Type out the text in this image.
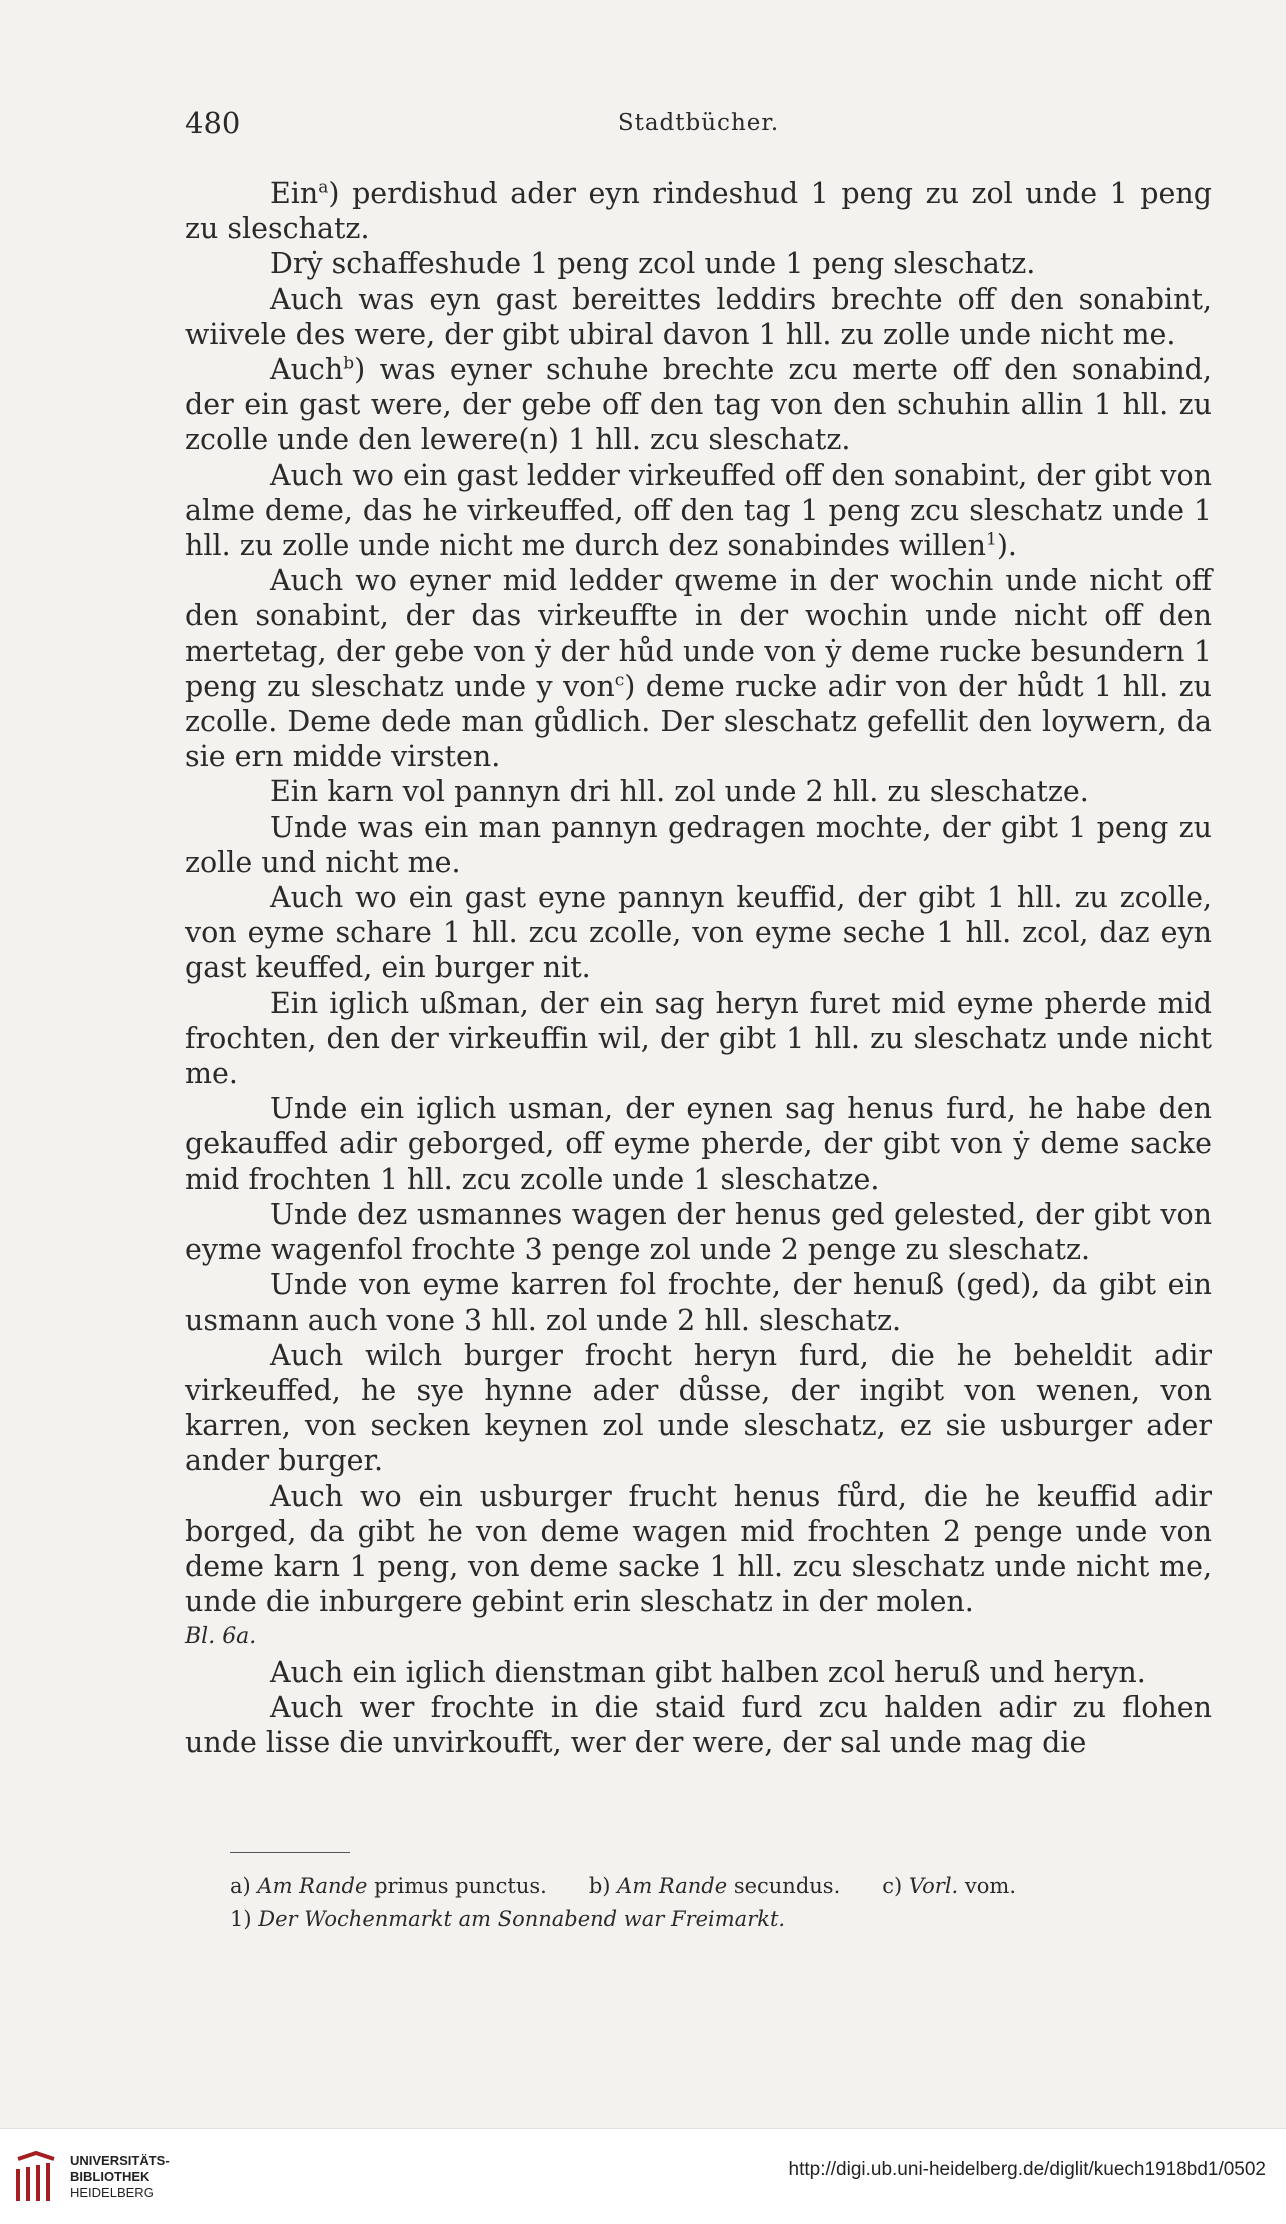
480	Stadtbücher.

Ein$^a$) perdishud ader eyn rindeshud 1 peng zu zol unde 1 peng zu sleschatz.

Drẏ schaffeshude 1 peng zcol unde 1 peng sleschatz.

Auch was eyn gast bereittes leddirs brechte off den sonabint, wiivele des were, der gibt ubiral davon 1 hll. zu zolle unde nicht me.

Auch$^b$) was eyner schuhe brechte zcu merte off den sonabind, der ein gast were, der gebe off den tag von den schuhin allin 1 hll. zu zcolle unde den lewere(n) 1 hll. zcu sleschatz.

Auch wo ein gast ledder virkeuffed off den sonabint, der gibt von alme deme, das he virkeuffed, off den tag 1 peng zcu sleschatz unde 1 hll. zu zolle unde nicht me durch dez sonabindes willen$^1$).

Auch wo eyner mid ledder qweme in der wochin unde nicht off den sonabint, der das virkeuffte in der wochin unde nicht off den mertetag, der gebe von ẏ der hůd unde von ẏ deme rucke besundern 1 peng zu sleschatz unde y von$^c$) deme rucke adir von der hůdt 1 hll. zu zcolle. Deme dede man gůdlich. Der sleschatz gefellit den loywern, da sie ern midde virsten.

Ein karn vol pannyn dri hll. zol unde 2 hll. zu sleschatze.

Unde was ein man pannyn gedragen mochte, der gibt 1 peng zu zolle und nicht me.

Auch wo ein gast eyne pannyn keuffid, der gibt 1 hll. zu zcolle, von eyme schare 1 hll. zcu zcolle, von eyme seche 1 hll. zcol, daz eyn gast keuffed, ein burger nit.

Ein iglich ußman, der ein sag heryn furet mid eyme pherde mid frochten, den der virkeuffin wil, der gibt 1 hll. zu sleschatz unde nicht me.

Unde ein iglich usman, der eynen sag henus furd, he habe den gekauffed adir geborged, off eyme pherde, der gibt von ẏ deme sacke mid frochten 1 hll. zcu zcolle unde 1 sleschatze.

Unde dez usmannes wagen der henus ged gelested, der gibt von eyme wagenfol frochte 3 penge zol unde 2 penge zu sleschatz.

Unde von eyme karren fol frochte, der henuß (ged), da gibt ein usmann auch vone 3 hll. zol unde 2 hll. sleschatz.

Auch wilch burger frocht heryn furd, die he beheldit adir virkeuffed, he sye hynne ader důsse, der ingibt von wenen, von karren, von secken keynen zol unde sleschatz, ez sie usburger ader ander burger.

Auch wo ein usburger frucht henus fůrd, die he keuffid adir borged, da gibt he von deme wagen mid frochten 2 penge unde von deme karn 1 peng, von deme sacke 1 hll. zcu sleschatz unde nicht me, unde die inburgere gebint erin sleschatz in der molen.

Bl. 6a.

Auch ein iglich dienstman gibt halben zcol heruß und heryn.

Auch wer frochte in die staid furd zcu halden adir zu flohen unde lisse die unvirkoufft, wer der were, der sal unde mag die

a) Am Rande primus punctus. b) Am Rande secundus. c) Vorl. vom.
1)
Der Wochenmarkt am Sonnabend war Freimarkt.
UNIVERSITÄTS-
BIBLIOTHEK
HEIDELBERG
http://digi.ub.uni-heidelberg.de/diglit/kuech1918bd1/0502
